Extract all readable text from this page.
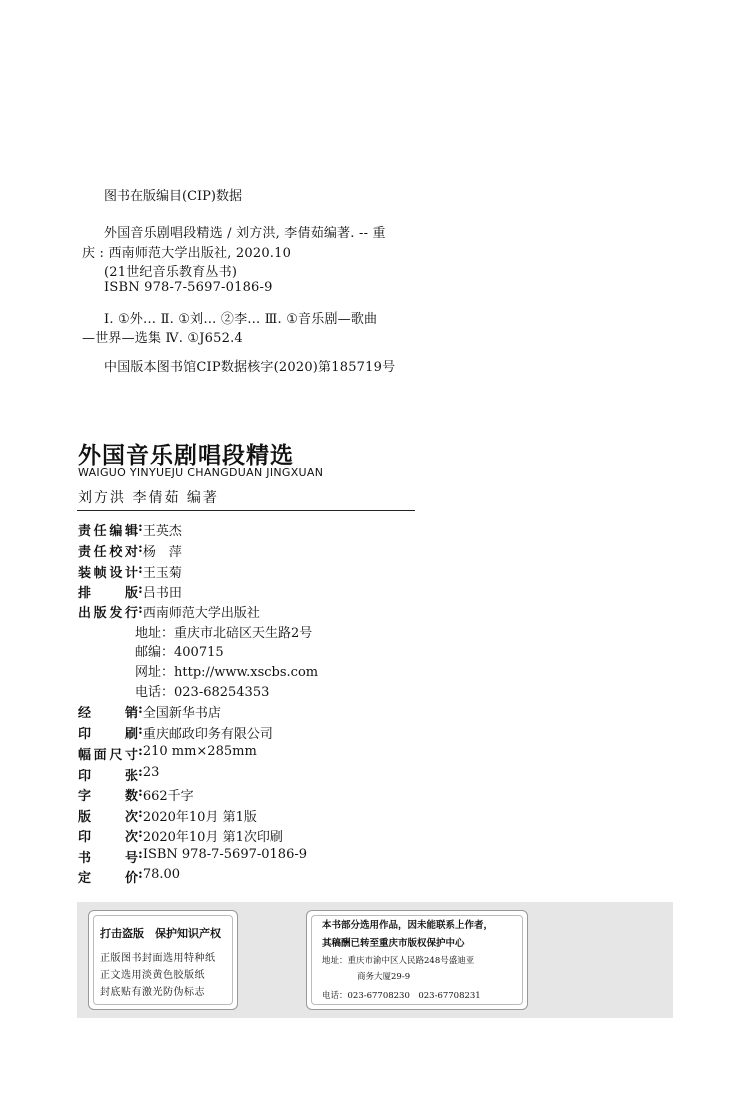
图书在版编目(CIP)数据
外国音乐剧唱段精选 / 刘方洪, 李倩茹编著. -- 重
庆 : 西南师范大学出版社, 2020.10
(21世纪音乐教育丛书)
ISBN 978-7-5697-0186-9
Ⅰ. ①外… Ⅱ. ①刘… ②李… Ⅲ. ①音乐剧—歌曲
—世界—选集 Ⅳ. ①J652.4
中国版本图书馆CIP数据核字(2020)第185719号
外国音乐剧唱段精选
WAIGUO YINYUEJU CHANGDUAN JINGXUAN
刘方洪 李倩茹 编著
责 任 编 辑 : 王英杰
责 任 校 对 : 杨　萍
装 帧 设 计 : 王玉菊
排	版 : 吕书田
出 版 发 行 : 西南师范大学出版社
地址：重庆市北碚区天生路2号
邮编：400715
网址：http://www.xscbs.com
电话：023-68254353
经	销 : 全国新华书店
印	刷 : 重庆邮政印务有限公司
幅 面 尺 寸 : 210 mm×285mm
印	张 : 23
字	数 : 662千字
版	次 : 2020年10月 第1版
印	次 : 2020年10月 第1次印刷
书	号 : ISBN 978-7-5697-0186-9
定	价 : 78.00
打击盗版　保护知识产权
正版图书封面选用特种纸
正文选用淡黄色胶版纸
封底贴有激光防伪标志
本书部分选用作品，因未能联系上作者，
其稿酬已转至重庆市版权保护中心
地址：重庆市渝中区人民路248号盛迪亚
商务大厦29-9
电话：023-67708230　023-67708231
